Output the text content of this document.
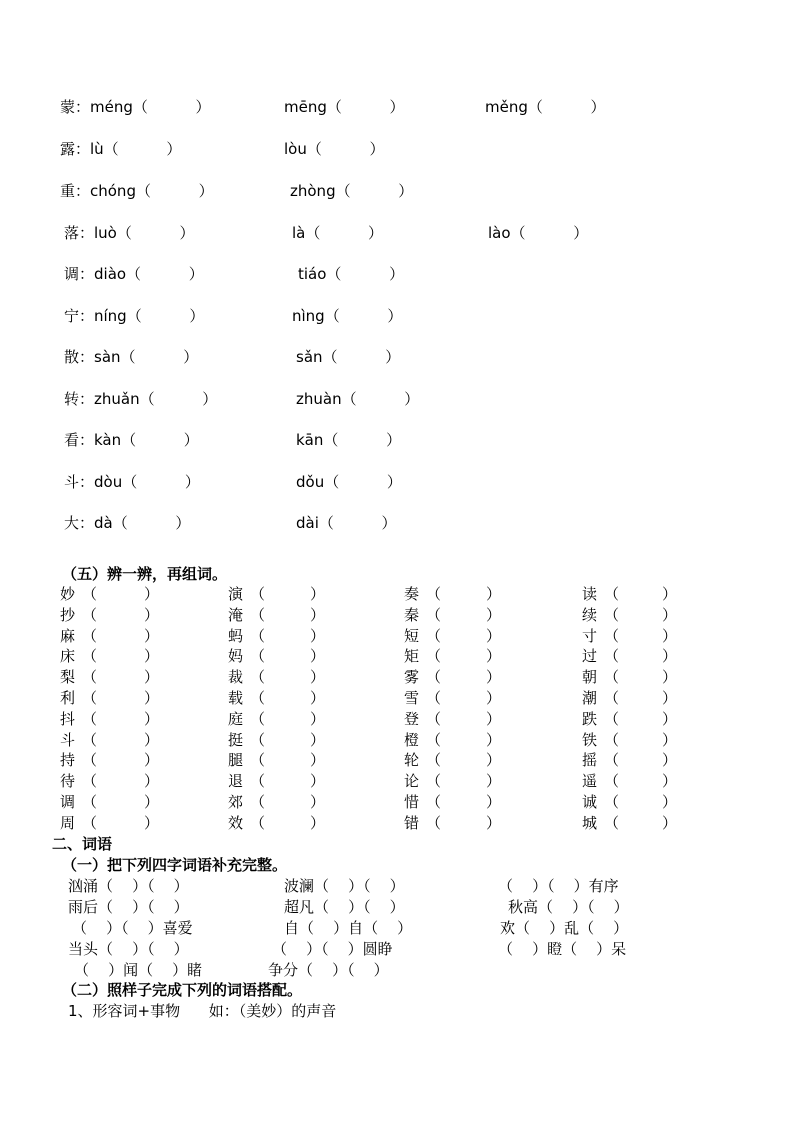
蒙：méng（          ）	mēng（          ）	měng（          ）
露：lù（          ）	lòu（          ）
重：chóng（          ）	zhòng（          ）
落：luò（          ）	là（          ）	lào（          ）
调：diào（          ）	tiáo（          ）
宁：níng（          ）	nìng（          ）
散：sàn（          ）	sǎn（          ）
转：zhuǎn（          ）	zhuàn（          ）
看：kàn（          ）	kān（          ）
斗：dòu（          ）	dǒu（          ）
大：dà（          ）	dài（          ）
（五）辨一辨，再组词。
妙 （	）	演 （	）	奏 （	）	读 （	）
抄 （	）	淹 （	）	秦 （	）	续 （	）
麻 （	）	蚂 （	）	短 （	）	寸 （	）
床 （	）	妈 （	）	矩 （	）	过 （	）
梨 （	）	裁 （	）	雾 （	）	朝 （	）
利 （	）	载 （	）	雪 （	）	潮 （	）
抖 （	）	庭 （	）	登 （	）	跌 （	）
斗 （	）	挺 （	）	橙 （	）	铁 （	）
持 （	）	腿 （	）	轮 （	）	摇 （	）
待 （	）	退 （	）	论 （	）	遥 （	）
调 （	）	郊 （	）	惜 （	）	诚 （	）
周 （	）	效 （	）	错 （	）	城 （	）
二、词语
（一）把下列四字词语补充完整。
汹涌（    ）（    ）	波澜（    ）（    ）	（    ）（    ）有序
雨后（    ）（    ）	超凡（    ）（    ）	秋高（    ）（    ）
（    ）（    ）喜爱	自（    ）自（    ）	欢（    ）乱（    ）
当头（    ）（    ）	（    ）（    ）圆睁	（    ）瞪（    ）呆
（    ）闻（    ）睹	争分（    ）（    ）
（二）照样子完成下列的词语搭配。
1、形容词+事物      如：（美妙）的声音
